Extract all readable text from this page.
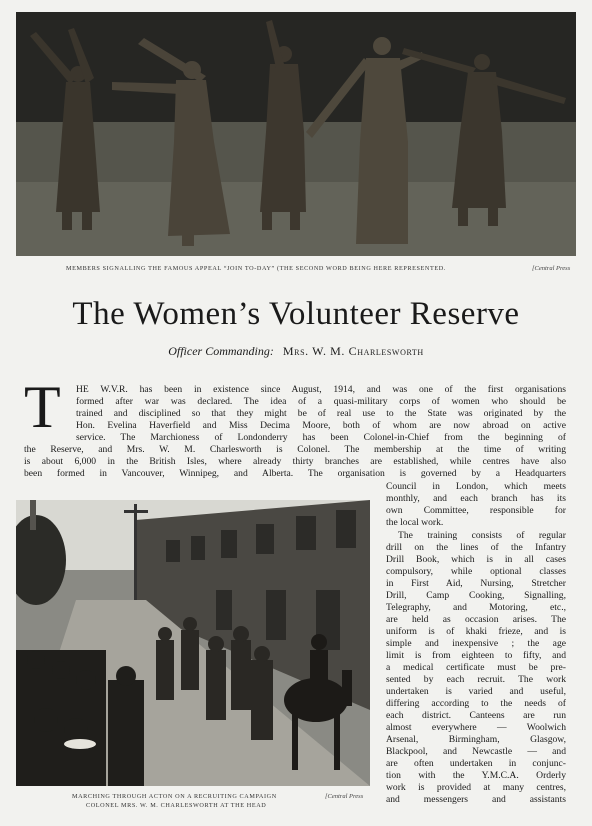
MEMBERS SIGNALLING THE FAMOUS APPEAL “JOIN TO-DAY” (THE SECOND WORD BEING HERE REPRESENTED.	[Central Press
The Women’s Volunteer Reserve
Officer Commanding: Mrs. W. M. Charlesworth
T HE W.V.R. has been in existence since August, 1914, and was one of the first organisations
formed after war was declared. The idea of a quasi-military corps of women who should be
trained and disciplined so that they might be of real use to the State was originated by the
Hon. Evelina Haverfield and Miss Decima Moore, both of whom are now abroad on active
service. The Marchioness of Londonderry has been Colonel-in-Chief from the beginning of
the Reserve, and Mrs. W. M. Charlesworth is Colonel. The membership at the time of writing
is about 6,000 in the British Isles, where already thirty branches are established, while centres have also
been formed in Vancouver, Winnipeg, and Alberta. The organisation is governed by a Headquarters
MARCHING THROUGH ACTON ON A RECRUITING CAMPAIGN
COLONEL MRS. W. M. CHARLESWORTH AT THE HEAD
[Central Press
Council in London, which meets
monthly, and each branch has its
own Committee, responsible for
the local work.
The training consists of regular
drill on the lines of the Infantry
Drill Book, which is in all cases
compulsory, while optional classes
in First Aid, Nursing, Stretcher
Drill, Camp Cooking, Signalling,
Telegraphy, and Motoring, etc.,
are held as occasion arises. The
uniform is of khaki frieze, and is
simple and inexpensive ; the age
limit is from eighteen to fifty, and
a medical certificate must be pre-
sented by each recruit. The work
undertaken is varied and useful,
differing according to the needs of
each district. Canteens are run
almost everywhere — Woolwich
Arsenal, Birmingham, Glasgow,
Blackpool, and Newcastle — and
are often undertaken in conjunc-
tion with the Y.M.C.A. Orderly
work is provided at many centres,
and messengers and assistants
